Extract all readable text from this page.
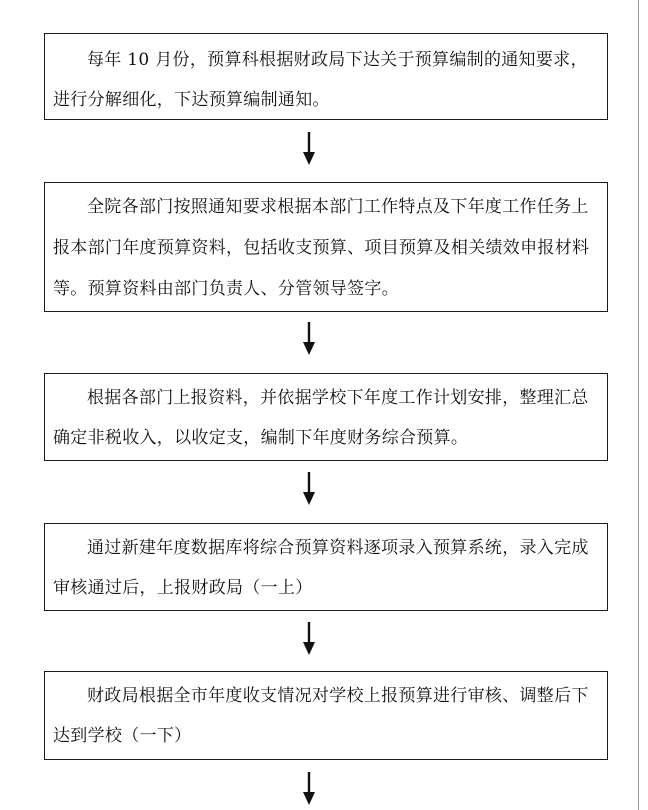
每年 10 月份，预算科根据财政局下达关于预算编制的通知要求，进行分解细化，下达预算编制通知。
全院各部门按照通知要求根据本部门工作特点及下年度工作任务上报本部门年度预算资料，包括收支预算、项目预算及相关绩效申报材料等。预算资料由部门负责人、分管领导签字。
根据各部门上报资料，并依据学校下年度工作计划安排，整理汇总确定非税收入，以收定支，编制下年度财务综合预算。
通过新建年度数据库将综合预算资料逐项录入预算系统，录入完成审核通过后，上报财政局（一上）
财政局根据全市年度收支情况对学校上报预算进行审核、调整后下达到学校（一下）
